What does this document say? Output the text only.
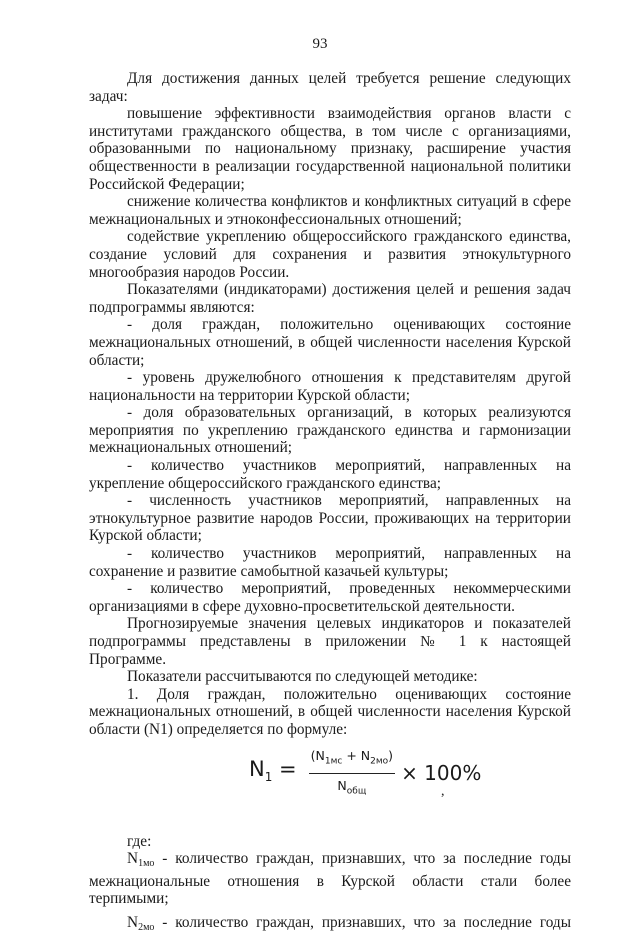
93

Для достижения данных целей требуется решение следующих задач:

повышение эффективности взаимодействия органов власти с институтами гражданского общества, в том числе с организациями, образованными по национальному признаку, расширение участия общественности в реализации государственной национальной политики Российской Федерации;

снижение количества конфликтов и конфликтных ситуаций в сфере межнациональных и этноконфессиональных отношений;

содействие укреплению общероссийского гражданского единства, создание условий для сохранения и развития этнокультурного многообразия народов России.

Показателями (индикаторами) достижения целей и решения задач подпрограммы являются:

- доля граждан, положительно оценивающих состояние межнациональных отношений, в общей численности населения Курской области;

- уровень дружелюбного отношения к представителям другой национальности на территории Курской области;

- доля образовательных организаций, в которых реализуются мероприятия по укреплению гражданского единства и гармонизации межнациональных отношений;

- количество участников мероприятий, направленных на укрепление общероссийского гражданского единства;

- численность участников мероприятий, направленных на этнокультурное развитие народов России, проживающих на территории Курской области;

- количество участников мероприятий, направленных на сохранение и развитие самобытной казачьей культуры;

- количество мероприятий, проведенных некоммерческими организациями в сфере духовно-просветительской деятельности.

Прогнозируемые значения целевых индикаторов и показателей подпрограммы представлены в приложении № 1 к настоящей Программе.

Показатели рассчитываются по следующей методике:

1. Доля граждан, положительно оценивающих состояние межнациональных отношений, в общей численности населения Курской области (N1) определяется по формуле:

$N_1 = \frac{(N_{1мс} + N_{2мо})}{N_{общ}} \times 100\%$
,

где:

$N_{1мо}$ - количество граждан, признавших, что за последние годы межнациональные отношения в Курской области стали более терпимыми;

$N_{2мо}$ - количество граждан, признавших, что за последние годы
